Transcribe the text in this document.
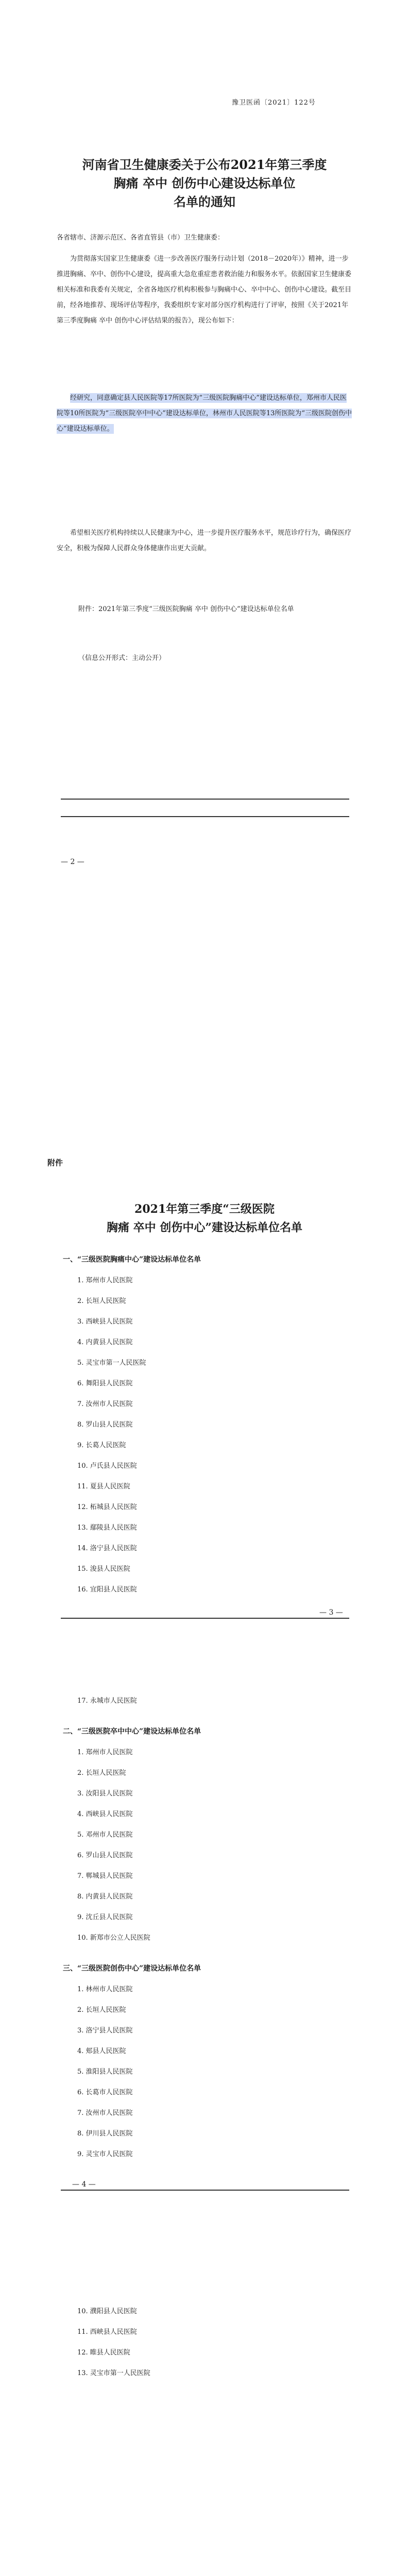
豫卫医函〔2021〕122号
河南省卫生健康委关于公布2021年第三季度
胸痛 卒中 创伤中心建设达标单位
名单的通知
各省辖市、济源示范区、各省直管县（市）卫生健康委：

为贯彻落实国家卫生健康委《进一步改善医疗服务行动计划（2018－2020年）》精神，进一步推进胸痛、卒中、创伤中心建设，提高重大急危重症患者救治能力和服务水平。依据国家卫生健康委相关标准和我委有关规定，全省各地医疗机构积极参与胸痛中心、卒中中心、创伤中心建设。截至目前，经各地推荐、现场评估等程序，我委组织专家对部分医疗机构进行了评审，按照《关于2021年第三季度胸痛 卒中 创伤中心评估结果的报告》，现公布如下：

经研究，同意确定县人民医院等17所医院为“三级医院胸痛中心”建设达标单位，郑州市人民医院等10所医院为“三级医院卒中中心”建设达标单位，林州市人民医院等13所医院为“三级医院创伤中心”建设达标单位。

希望相关医疗机构持续以人民健康为中心，进一步提升医疗服务水平，规范诊疗行为，确保医疗安全，积极为保障人民群众身体健康作出更大贡献。

附件：2021年第三季度“三级医院胸痛 卒中 创伤中心”建设达标单位名单
（信息公开形式：主动公开）
— 2 —
附件
2021年第三季度“三级医院
胸痛 卒中 创伤中心”建设达标单位名单
一、“三级医院胸痛中心”建设达标单位名单
1. 郑州市人民医院
2. 长垣人民医院
3. 西峡县人民医院
4. 内黄县人民医院
5. 灵宝市第一人民医院
6. 舞阳县人民医院
7. 汝州市人民医院
8. 罗山县人民医院
9. 长葛人民医院
10. 卢氏县人民医院
11. 夏县人民医院
12. 柘城县人民医院
13. 鄢陵县人民医院
14. 洛宁县人民医院
15. 浚县人民医院
16. 宜阳县人民医院
— 3 —
17. 永城市人民医院
二、“三级医院卒中中心”建设达标单位名单
1. 郑州市人民医院
2. 长垣人民医院
3. 汝阳县人民医院
4. 西峡县人民医院
5. 邓州市人民医院
6. 罗山县人民医院
7. 郸城县人民医院
8. 内黄县人民医院
9. 沈丘县人民医院
10. 新郑市公立人民医院
三、“三级医院创伤中心”建设达标单位名单
1. 林州市人民医院
2. 长垣人民医院
3. 洛宁县人民医院
4. 郏县人民医院
5. 淮阳县人民医院
6. 长葛市人民医院
7. 汝州市人民医院
8. 伊川县人民医院
9. 灵宝市人民医院
— 4 —
10. 濮阳县人民医院
11. 西峡县人民医院
12. 睢县人民医院
13. 灵宝市第一人民医院
